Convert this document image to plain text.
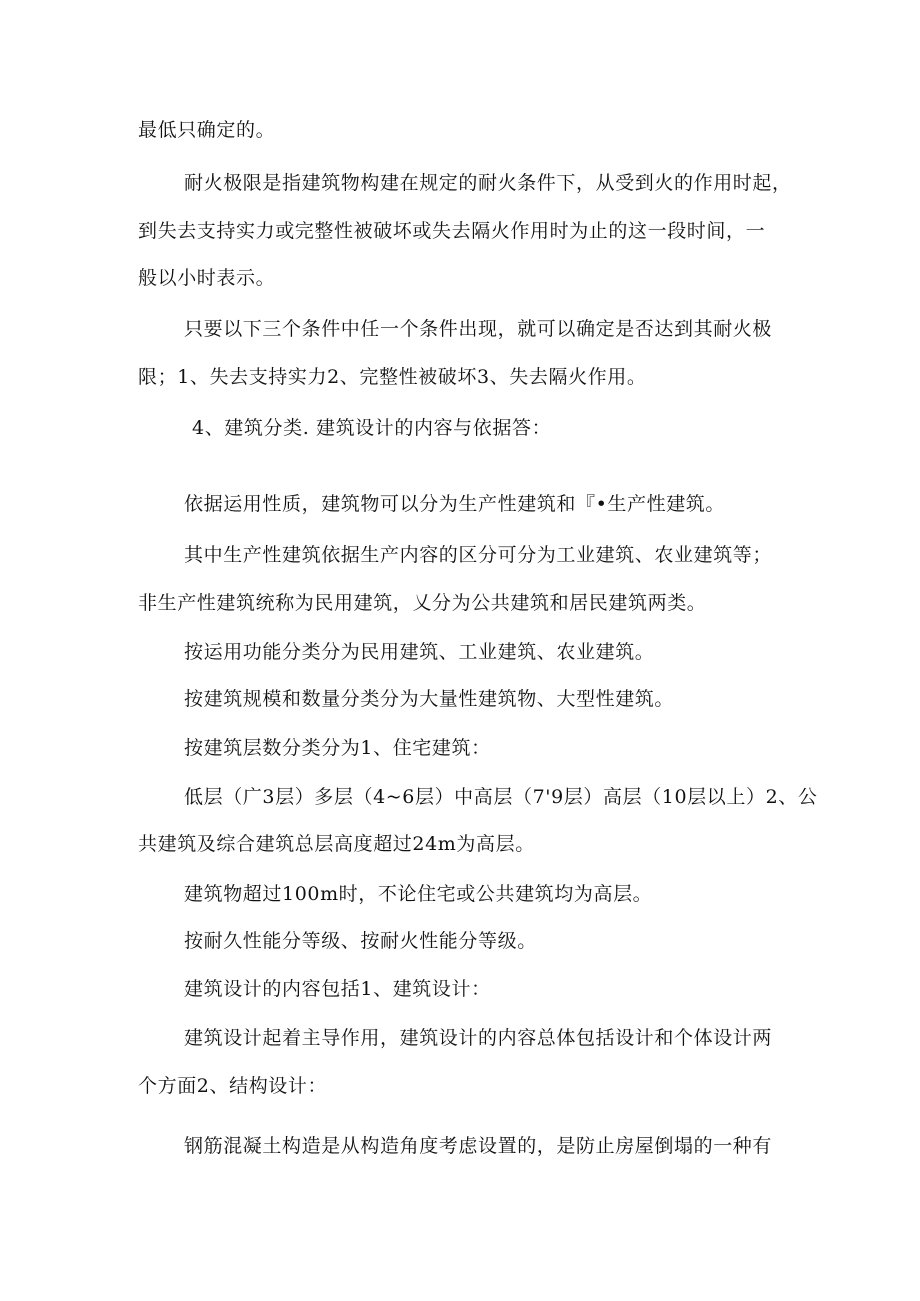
最低只确定的。
耐火极限是指建筑物构建在规定的耐火条件下，从受到火的作用时起，
到失去支持实力或完整性被破坏或失去隔火作用时为止的这一段时间，一
般以小时表示。
只要以下三个条件中任一个条件出现，就可以确定是否达到其耐火极
限；1、失去支持实力2、完整性被破坏3、失去隔火作用。
4、建筑分类. 建筑设计的内容与依据答：
依据运用性质，建筑物可以分为生产性建筑和『•生产性建筑。
其中生产性建筑依据生产内容的区分可分为工业建筑、农业建筑等；
非生产性建筑统称为民用建筑，乂分为公共建筑和居民建筑两类。
按运用功能分类分为民用建筑、工业建筑、农业建筑。
按建筑规模和数量分类分为大量性建筑物、大型性建筑。
按建筑层数分类分为1、住宅建筑：
低层（广3层）多层（4~6层）中高层（7'9层）高层（10层以上）2、公
共建筑及综合建筑总层高度超过24m为高层。
建筑物超过100m时，不论住宅或公共建筑均为高层。
按耐久性能分等级、按耐火性能分等级。
建筑设计的内容包括1、建筑设计：
建筑设计起着主导作用，建筑设计的内容总体包括设计和个体设计两
个方面2、结构设计：
钢筋混凝土构造是从构造角度考虑设置的，是防止房屋倒塌的一种有
